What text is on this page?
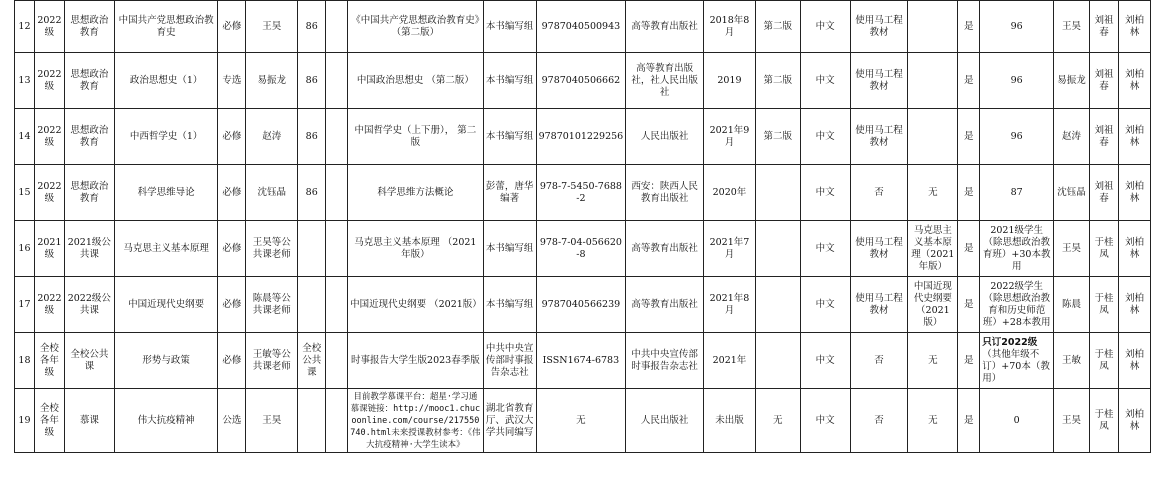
12	2022级	思想政治教育	中国共产党思想政治教育史	必修	王昊	86		《中国共产党思想政治教育史》（第二版）	本书编写组	9787040500943	高等教育出版社	2018年8月	第二版	中文	使用马工程教材		是	96	王昊	刘祖春	刘柏林
13	2022级	思想政治教育	政治思想史（1）	专选	易振龙	86		中国政治思想史 （第二版）	本书编写组	9787040506662	高等教育出版社，社人民出版社	2019	第二版	中文	使用马工程教材		是	96	易振龙	刘祖春	刘柏林
14	2022级	思想政治教育	中西哲学史（1）	必修	赵涛	86		中国哲学史（上下册）， 第二版	本书编写组	97870101229256	人民出版社	2021年9月	第二版	中文	使用马工程教材		是	96	赵涛	刘祖春	刘柏林
15	2022级	思想政治教育	科学思维导论	必修	沈钰晶	86		科学思维方法概论	彭蕾，唐华编著	978-7-5450-7688-2	西安：陕西人民教育出版社	2020年		中文	否	无	是	87	沈钰晶	刘祖春	刘柏林
16	2021级	2021级公共课	马克思主义基本原理	必修	王昊等公共课老师			马克思主义基本原理 （2021年版）	本书编写组	978-7-04-056620-8	高等教育出版社	2021年7月		中文	使用马工程教材	马克思主义基本原理（2021年版）	是	2021级学生（除思想政治教育班）+30本教用	王昊	于桂凤	刘柏林
17	2022级	2022级公共课	中国近现代史纲要	必修	陈晨等公共课老师			中国近现代史纲要 （2021版）	本书编写组	9787040566239	高等教育出版社	2021年8月		中文	使用马工程教材	中国近现代史纲要（2021版）	是	2022级学生（除思想政治教育和历史师范班）+28本教用	陈晨	于桂凤	刘柏林
18	全校各年级	全校公共课	形势与政策	必修	王敏等公共课老师	全校公共课		时事报告大学生版2023春季版	中共中央宣传部时事报告杂志社	ISSN1674-6783	中共中央宣传部时事报告杂志社	2021年		中文	否	无	是	只订2022级（其他年级不订）+70本（教用）	王敏	于桂凤	刘柏林
19	全校各年级	慕课	伟大抗疫精神	公选	王昊			目前教学慕课平台：超星·学习通慕课链接：http://mooc1.chucoonline.com/course/217550740.html未来授课教材参考：《伟大抗疫精神·大学生读本》	湖北省教育厅、武汉大学共同编写	无	人民出版社	未出版	无	中文	否	无	是	0	王昊	于桂凤	刘柏林
